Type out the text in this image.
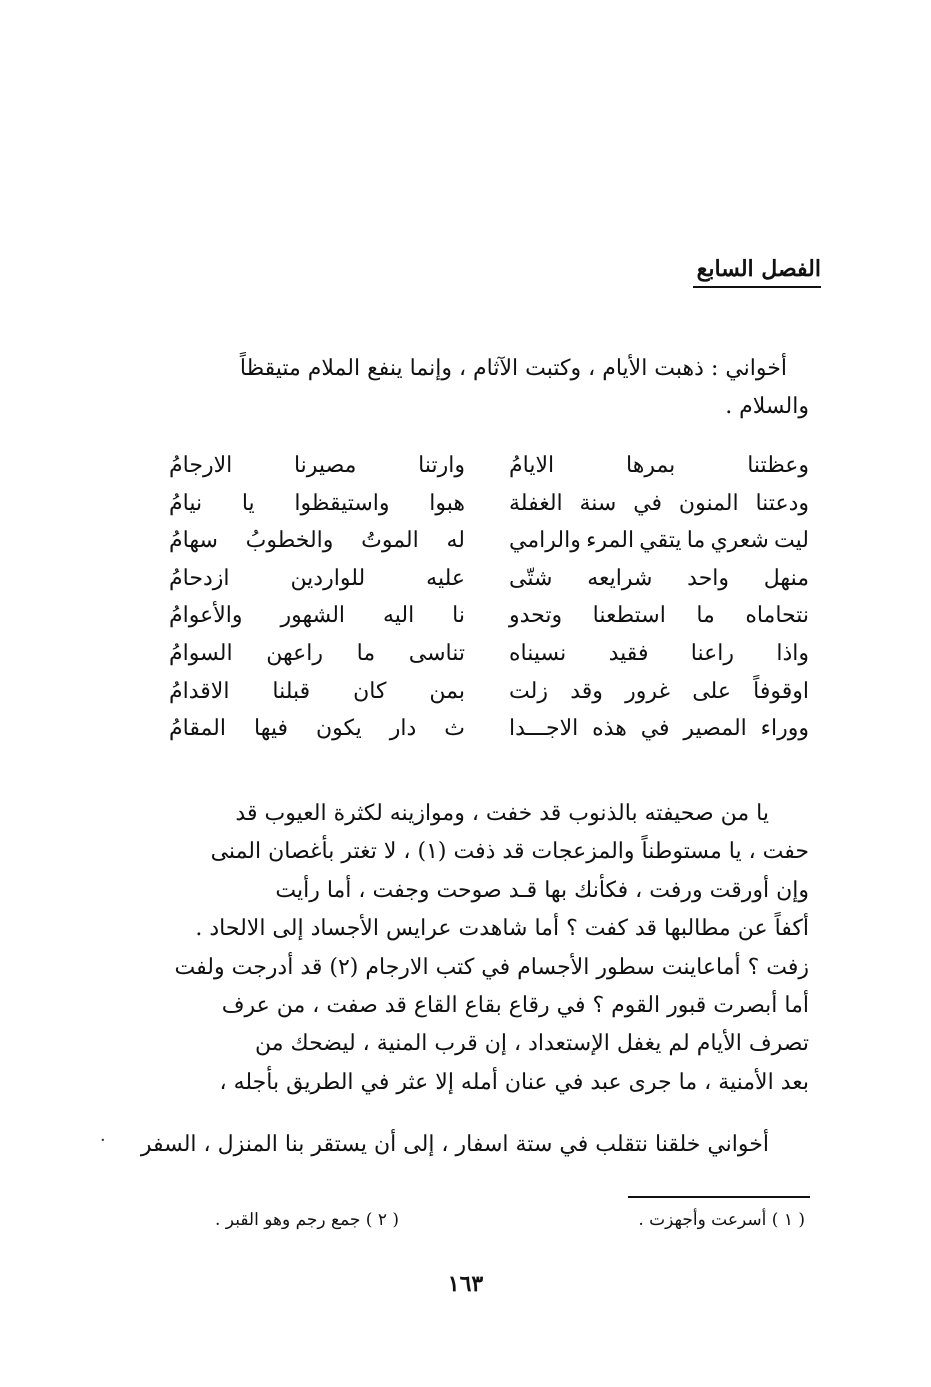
الفصل السابع

أخواني : ذهبت الأيام ، وكتبت الآثام ، وإنما ينفع الملام متيقظاً

والسلام .

وعظتنا
بمرها
الايامُ
وارتنا
مصيرنا
الارجامُ
ودعتنا
المنون
في
سنة
الغفلة
هبوا
واستيقظوا
يا
نيامُ
ليت
شعري
ما
يتقي
المرء
والرامي
له
الموتُ
والخطوبُ
سهامُ
منهل
واحد
شرايعه
شتّى
عليه
للواردين
ازدحامُ
نتحاماه
ما
استطعنا
وتحدو
نا
اليه
الشهور
والأعوامُ
واذا
راعنا
فقيد
نسيناه
تناسى
ما
راعهن
السوامُ
اوقوفاً
على
غرور
وقد
زلت
بمن
كان
قبلنا
الاقدامُ
ووراء
المصير
في
هذه
الاجـــدا
ث
دار
يكون
فيها
المقامُ

يا من صحيفته بالذنوب قد خفت ، وموازينه لكثرة العيوب قد

حفت ، يا مستوطناً والمزعجات قد ذفت (١) ، لا تغتر بأغصان المنى

وإن أورقت ورفت ، فكأنك بها قـد صوحت وجفت ، أما رأيت

أكفاً عن مطالبها قد كفت ؟ أما شاهدت عرايس الأجساد إلى الالحاد .

زفت ؟ أماعاينت سطور الأجسام في كتب الارجام (٢) قد أدرجت ولفت

أما أبصرت قبور القوم ؟ في رقاع بقاع القاع قد صفت ، من عرف

تصرف الأيام لم يغفل الإستعداد ، إن قرب المنية ، ليضحك من

بعد الأمنية ، ما جرى عبد في عنان أمله إلا عثر في الطريق بأجله ،

أخواني خلقنا نتقلب في ستة اسفار ، إلى أن يستقر بنا المنزل ، السفر
( ١ ) أسرعت وأجهزت .
( ٢ ) جمع رجم وهو القبر .
١٦٣
·
